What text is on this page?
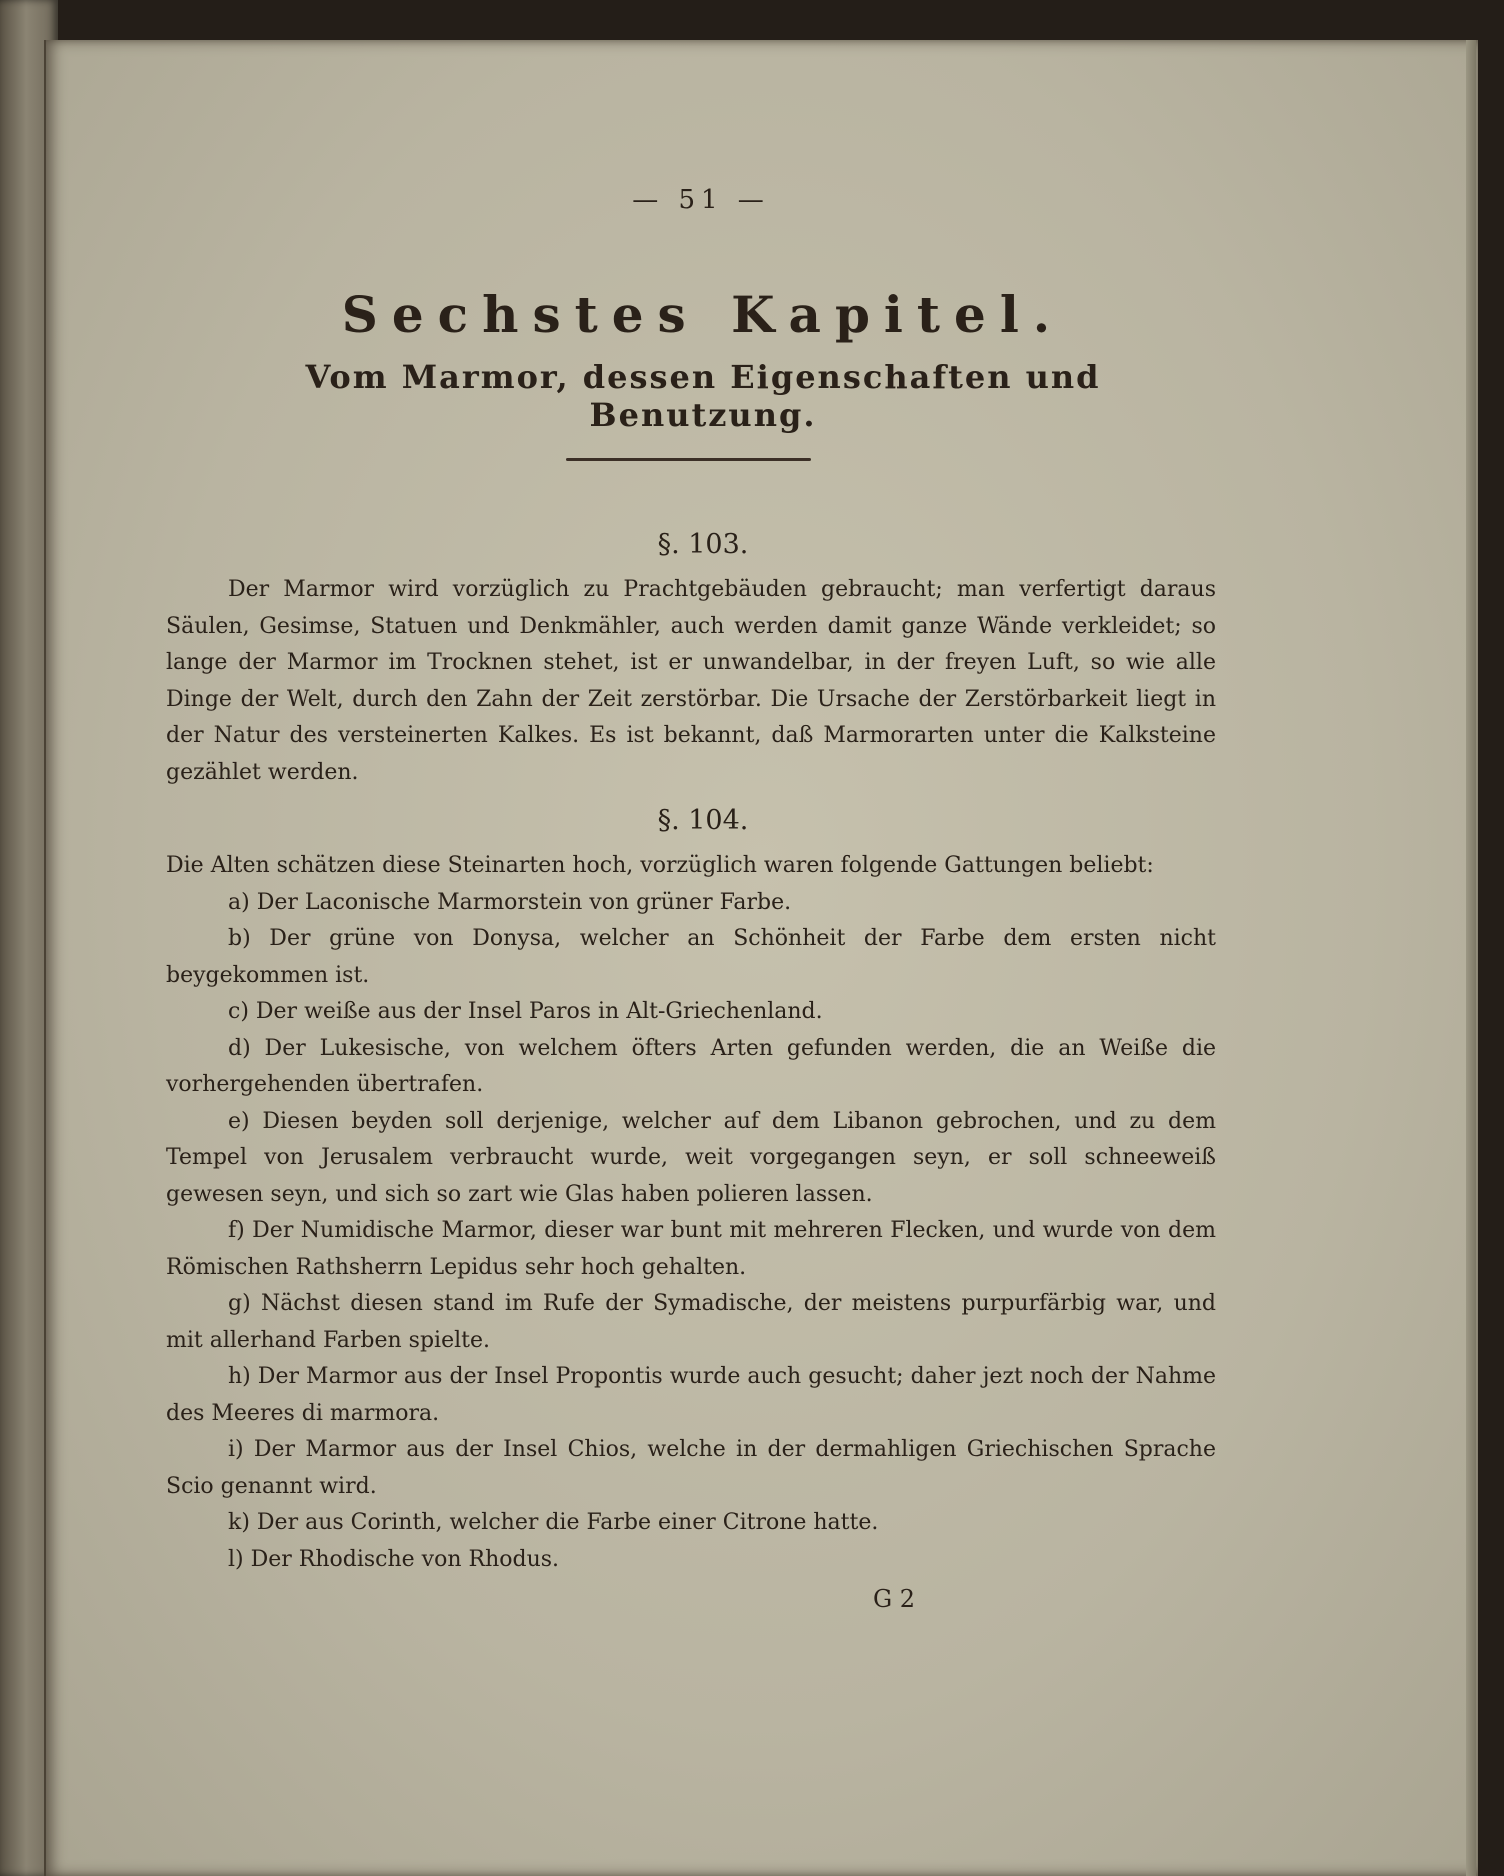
— 51 —
Sechstes Kapitel.
Vom Marmor, dessen Eigenschaften und Benutzung.
§. 103.

Der Marmor wird vorzüglich zu Prachtgebäuden gebraucht; man verfertigt daraus Säulen, Gesimse, Statuen und Denkmähler, auch werden damit ganze Wände verkleidet; so lange der Marmor im Trocknen stehet, ist er unwandelbar, in der freyen Luft, so wie alle Dinge der Welt, durch den Zahn der Zeit zerstörbar. Die Ursache der Zerstörbarkeit liegt in der Natur des versteinerten Kalkes. Es ist bekannt, daß Marmorarten unter die Kalksteine gezählet werden.

§. 104.

Die Alten schätzen diese Steinarten hoch, vorzüglich waren folgende Gattungen beliebt:

a) Der Laconische Marmorstein von grüner Farbe.
b) Der grüne von Donysa, welcher an Schönheit der Farbe dem ersten nicht beygekommen ist.
c) Der weiße aus der Insel Paros in Alt-Griechenland.
d) Der Lukesische, von welchem öfters Arten gefunden werden, die an Weiße die vorhergehenden übertrafen.
e) Diesen beyden soll derjenige, welcher auf dem Libanon gebrochen, und zu dem Tempel von Jerusalem verbraucht wurde, weit vorgegangen seyn, er soll schneeweiß gewesen seyn, und sich so zart wie Glas haben polieren lassen.
f) Der Numidische Marmor, dieser war bunt mit mehreren Flecken, und wurde von dem Römischen Rathsherrn Lepidus sehr hoch gehalten.
g) Nächst diesen stand im Rufe der Symadische, der meistens purpurfärbig war, und mit allerhand Farben spielte.
h) Der Marmor aus der Insel Propontis wurde auch gesucht; daher jezt noch der Nahme des Meeres di marmora.
i) Der Marmor aus der Insel Chios, welche in der dermahligen Griechischen Sprache Scio genannt wird.
k) Der aus Corinth, welcher die Farbe einer Citrone hatte.
l) Der Rhodische von Rhodus.
G 2
